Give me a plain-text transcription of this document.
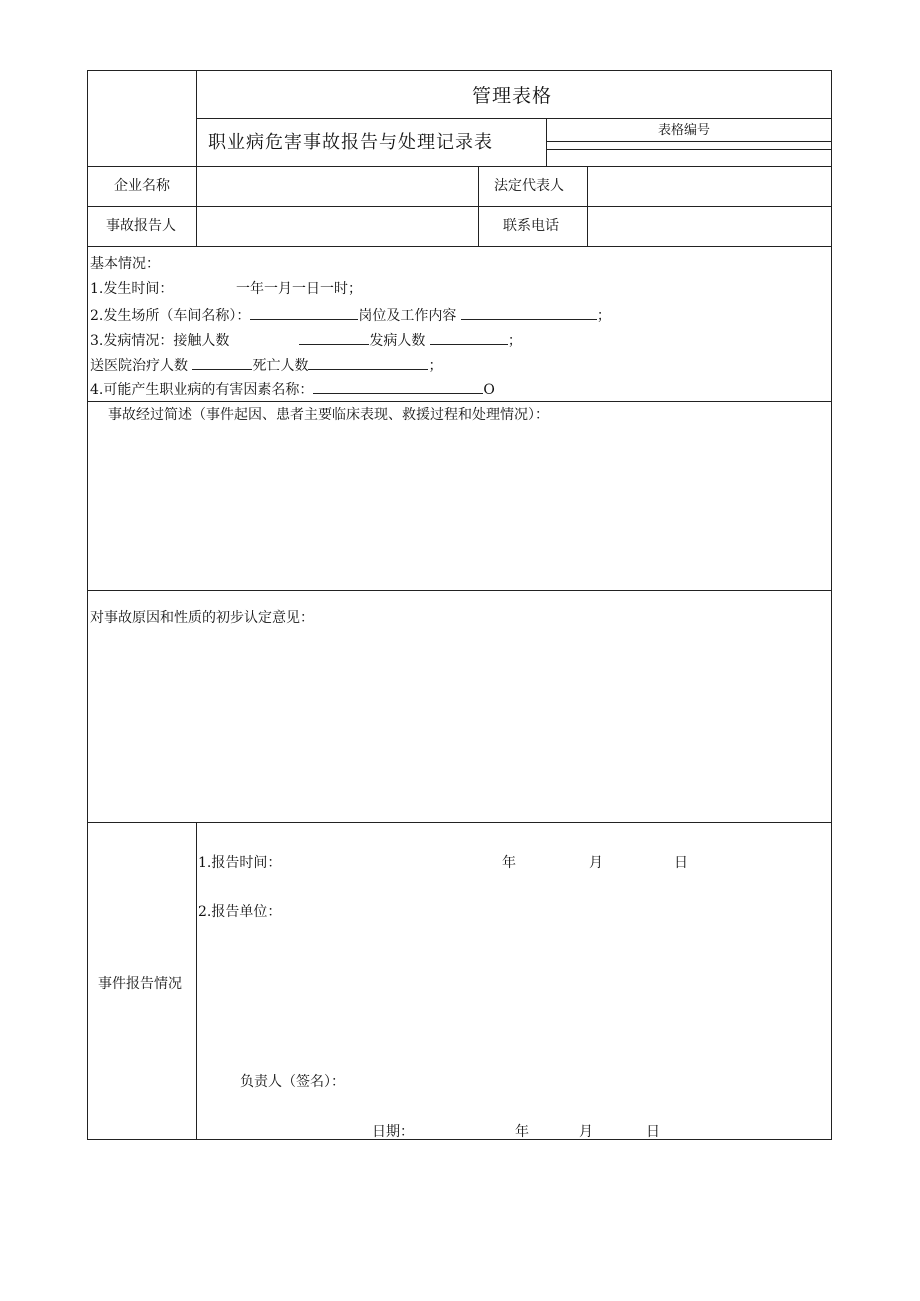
管理表格
职业病危害事故报告与处理记录表
表格编号
企业名称	法定代表人
事故报告人	联系电话
基本情况：
1.发生时间：	一年一月一日一时；
2.发生场所（车间名称）：	岗位及工作内容	；
3.发病情况：接触人数	发病人数	；
送医院治疗人数	死亡人数	；
4.可能产生职业病的有害因素名称：	O
事故经过简述（事件起因、患者主要临床表现、救援过程和处理情况）：
对事故原因和性质的初步认定意见：
事件报告情况
1.报告时间：	年	月	日
2.报告单位：
负责人（签名）：
日期：	年	月	日
